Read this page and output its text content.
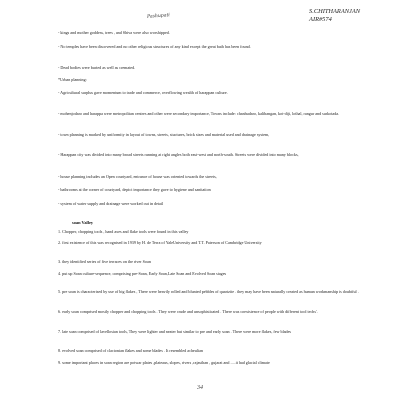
S.CHITHARANJAN
AIR#574
Pashupati

- kings and mother goddess, trees , and Shiva were also worshipped.

- No temples have been discovered and no other religious structures of any kind except the great bath has been found.

- Dead bodies were buried as well as cremated.

*Urban planning:

- Agricultural surplus gave momentum to trade and commerce, overflowing wealth of harappan culture.

- mohenjodaro and harappa were metropolitan centres and other were secondary importance, Towns include: chanhudaro, kalibangan, kot-diji, lothal, rangur and surkotada.

- town planning is marked by uniformity in layout of towns, streets, stuctures, brick sizes and material used and drainage system,

- Harappan city was divided into many broad streets running at right angles both east-west and north-south. Streets were divided into many blocks,

- house planning includes an Open courtyard, entrance of house was oriented towards the streets,

- bathrooms at the corner of courtyard, depict importance they gave to hygiene and sanitation

- system of water supply and drainage were worked out in detail

soan Valley

1. Chopper, chopping tools , hand axes and flake tools were found in this valley

2. first existence of this was recognised in 1939 by H. de Terra of YaleUniversity and T.T. Paterson of Cambridge University

3. they identified series of five terraces on the river Soan

4. put up Soan culture-sequence, comprising pre-Soan, Early Soan,Late Soan and Evolved Soan stages

5. pre soan is characterised by use of big flakes , There were heavily rolled and blunted pebbles of quartzite . they may have been naturally created as human workmanship is doubtful .

6. early soan comprised mostly chopper and chopping tools . They were crude and unsophisticated . There was coexistence of people with different tool techs'.

7. late soan comprised of lavellosian tools, They were lighter and neater but similar to pre and early soan . There were more flakes, few blades

8. evolved soan comprised of clactonian flakes and some blades . It resembled acheulian

9. some important places in soan region are potwar plates ,plateaus, slopes, rivers ,rajasthan , gujarat and .....it had glacial climate

34
